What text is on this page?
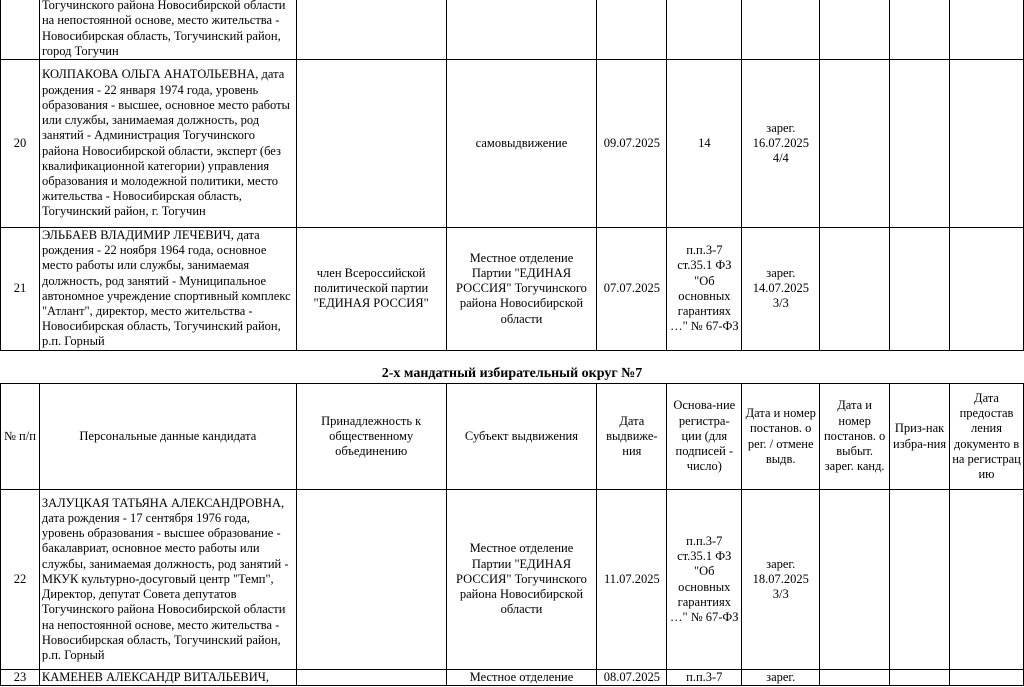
	Тогучинского района Новосибирской области на непостоянной основе, место жительства - Новосибирская область, Тогучинский район, город Тогучин								
20	КОЛПАКОВА ОЛЬГА АНАТОЛЬЕВНА, дата рождения - 22 января 1974 года, уровень образования - высшее, основное место работы или службы, занимаемая должность, род занятий - Администрация Тогучинского района Новосибирской области, эксперт (без квалификационной категории) управления образования и молодежной политики, место жительства - Новосибирская область, Тогучинский район, г. Тогучин		самовыдвижение	09.07.2025	14	зарег. 16.07.2025 4/4			
21	ЭЛЬБАЕВ ВЛАДИМИР ЛЕЧЕВИЧ, дата рождения - 22 ноября 1964 года, основное место работы или службы, занимаемая должность, род занятий - Муниципальное автономное учреждение спортивный комплекс "Атлант", директор, место жительства - Новосибирская область, Тогучинский район, р.п. Горный	член Всероссийской политической партии "ЕДИНАЯ РОССИЯ"	Местное отделение Партии "ЕДИНАЯ РОССИЯ" Тогучинского района Новосибирской области	07.07.2025	п.п.3-7 ст.35.1 ФЗ "Об основных гарантиях …" № 67-ФЗ	зарег. 14.07.2025 3/3			
2-х мандатный избирательный округ №7
№ п/п	Персональные данные кандидата	Принадлежность к общественному объединению	Субъект выдвижения	Дата выдвиже-ния	Основа-ние регистра-ции (для подписей - число)	Дата и номер постанов. о рег. / отмене выдв.	Дата и номер постанов. о выбыт. зарег. канд.	Приз-нак избра-ния	Дата предостав ления документо в на регистрац ию
22	ЗАЛУЦКАЯ ТАТЬЯНА АЛЕКСАНДРОВНА, дата рождения - 17 сентября 1976 года, уровень образования - высшее образование - бакалавриат, основное место работы или службы, занимаемая должность, род занятий - МКУК культурно-досуговый центр "Темп", Директор, депутат Совета депутатов Тогучинского района Новосибирской области на непостоянной основе, место жительства - Новосибирская область, Тогучинский район, р.п. Горный		Местное отделение Партии "ЕДИНАЯ РОССИЯ" Тогучинского района Новосибирской области	11.07.2025	п.п.3-7 ст.35.1 ФЗ "Об основных гарантиях …" № 67-ФЗ	зарег. 18.07.2025 3/3			
23	КАМЕНЕВ АЛЕКСАНДР ВИТАЛЬЕВИЧ,		Местное отделение	08.07.2025	п.п.3-7	зарег.			
